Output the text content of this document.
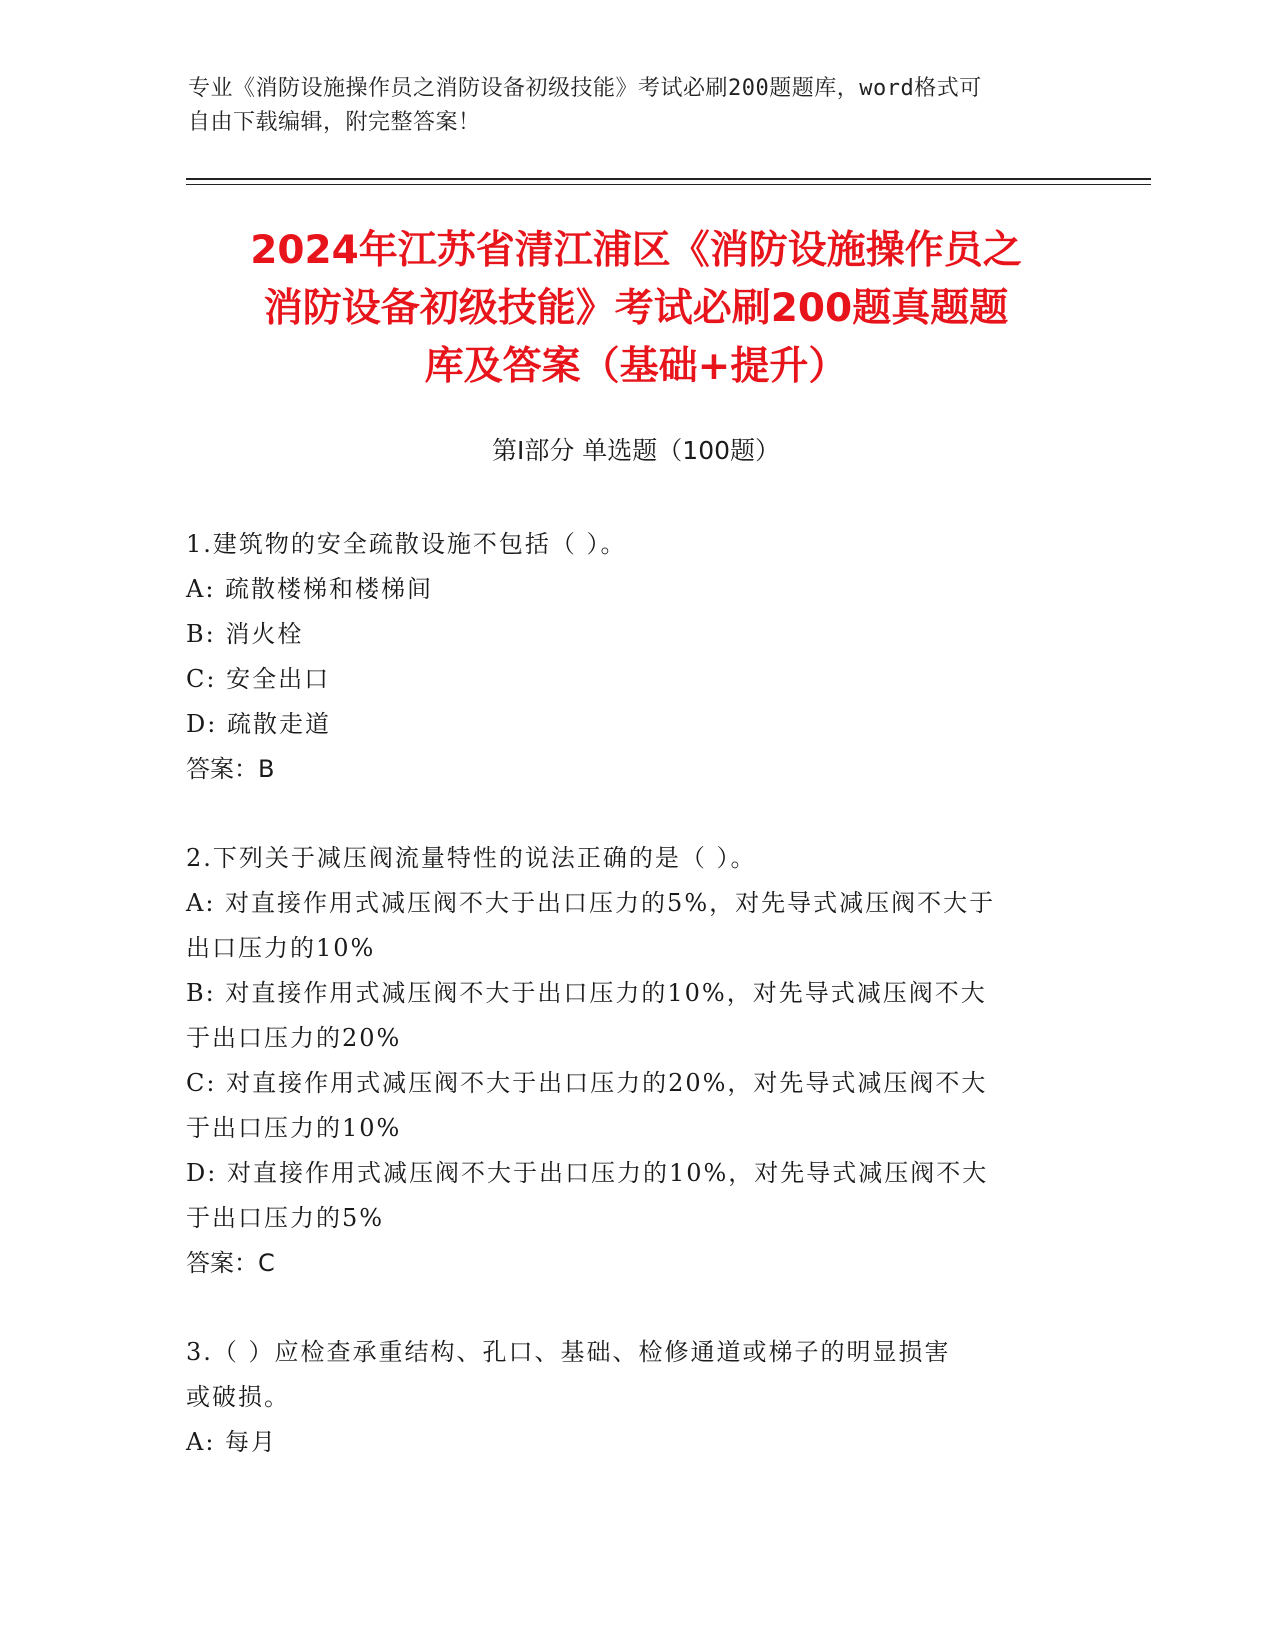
专业《消防设施操作员之消防设备初级技能》考试必刷200题题库，word格式可
自由下载编辑，附完整答案！
2024年江苏省清江浦区《消防设施操作员之
消防设备初级技能》考试必刷200题真题题
库及答案（基础+提升）
第Ⅰ部分 单选题（100题）
1.建筑物的安全疏散设施不包括（ ）。
A: 疏散楼梯和楼梯间
B: 消火栓
C: 安全出口
D: 疏散走道
答案：B
2.下列关于减压阀流量特性的说法正确的是（ ）。
A: 对直接作用式减压阀不大于出口压力的5%，对先导式减压阀不大于
出口压力的10%
B: 对直接作用式减压阀不大于出口压力的10%，对先导式减压阀不大
于出口压力的20%
C: 对直接作用式减压阀不大于出口压力的20%，对先导式减压阀不大
于出口压力的10%
D: 对直接作用式减压阀不大于出口压力的10%，对先导式减压阀不大
于出口压力的5%
答案：C
3.（ ）应检查承重结构、孔口、基础、检修通道或梯子的明显损害
或破损。
A: 每月
